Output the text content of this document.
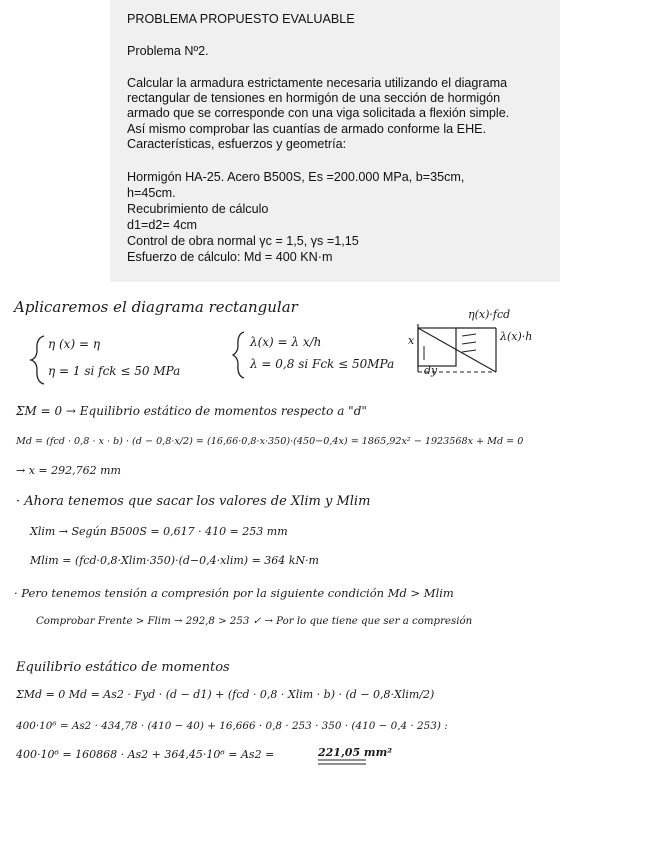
PROBLEMA PROPUESTO EVALUABLE

Problema Nº2.

Calcular la armadura estrictamente necesaria utilizando el diagrama

rectangular de tensiones en hormigón de una sección de hormigón

armado que se corresponde con una viga solicitada a flexión simple.

Así mismo comprobar las cuantías de armado conforme la EHE.

Características, esfuerzos y geometría:

Hormigón HA-25. Acero B500S, Es =200.000 MPa, b=35cm,

h=45cm.

Recubrimiento de cálculo

d1=d2= 4cm

Control de obra normal γc = 1,5, γs =1,15

Esfuerzo de cálculo: Md = 400 KN·m

Aplicaremos el diagrama rectangular
η (x) = η	λ(x) = λ x/h
η = 1 si fck ≤ 50 MPa	λ = 0,8 si Fck ≤ 50MPa
η(x)·fcd
λ(x)·h
x
dy
ΣM = 0 → Equilibrio estático de momentos respecto a "d"
Md = (fcd · 0,8 · x · b) · (d − 0,8·x/2) = (16,66·0,8·x·350)·(450−0,4x) = 1865,92x² − 1923568x + Md = 0
→ x = 292,762 mm
· Ahora tenemos que sacar los valores de Xlim y Mlim
Xlim → Según B500S = 0,617 · 410 = 253 mm
Mlim = (fcd·0,8·Xlim·350)·(d−0,4·xlim) = 364 kN·m
· Pero tenemos tensión a compresión por la siguiente condición Md > Mlim
Comprobar Frente > Flim → 292,8 > 253 ✓ → Por lo que tiene que ser a compresión
Equilibrio estático de momentos
ΣMd = 0 Md = As2 · Fyd · (d − d1) + (fcd · 0,8 · Xlim · b) · (d − 0,8·Xlim/2)
400·10⁶ = As2 · 434,78 · (410 − 40) + 16,666 · 0,8 · 253 · 350 · (410 − 0,4 · 253) :
400·10⁶ = 160868 · As2 + 364,45·10⁶ = As2 =	221,05 mm²
